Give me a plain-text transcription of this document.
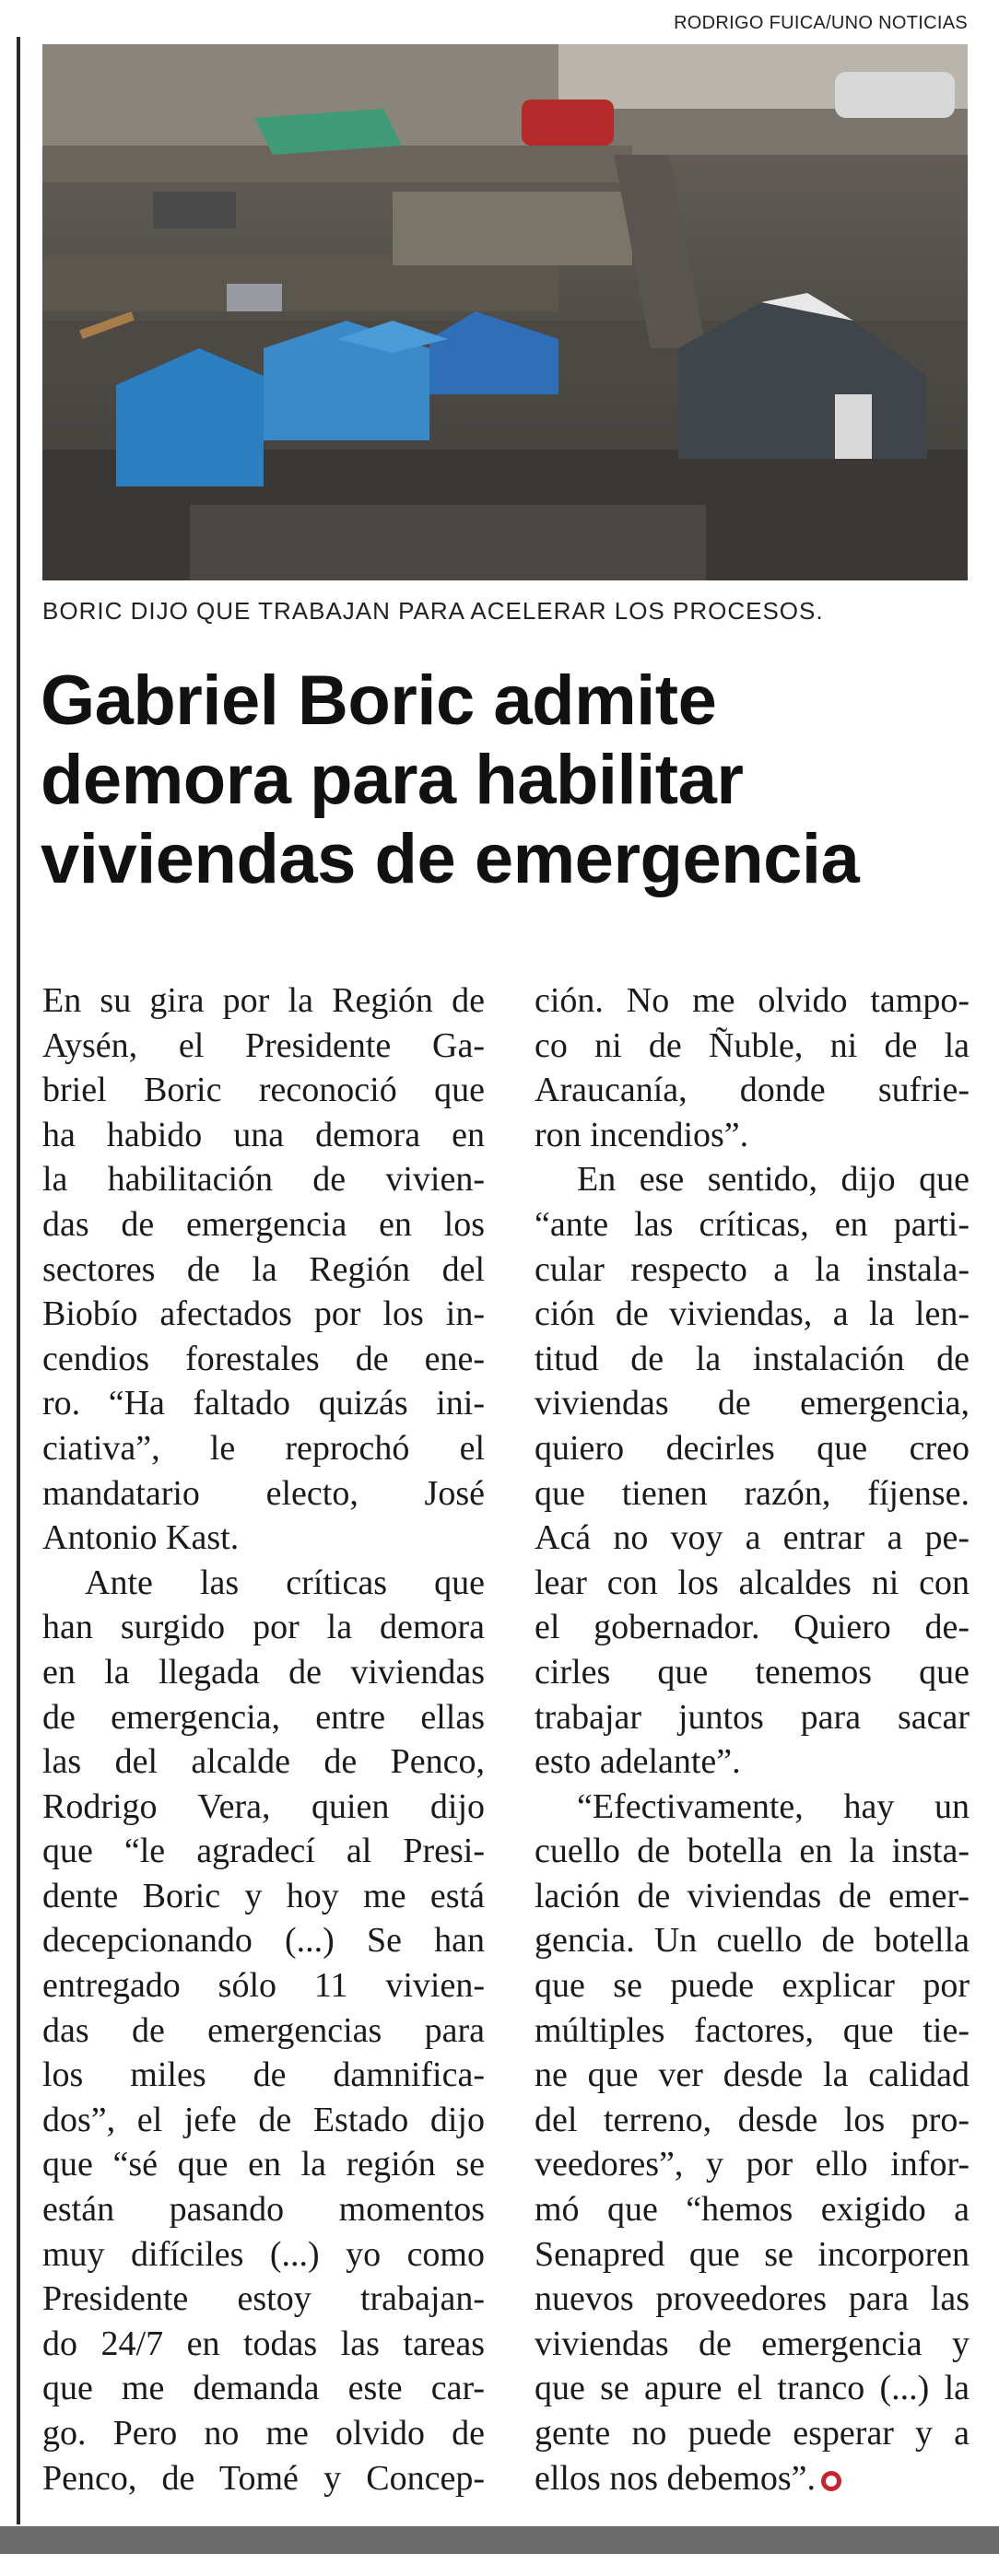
RODRIGO FUICA/UNO NOTICIAS
BORIC DIJO QUE TRABAJAN PARA ACELERAR LOS PROCESOS.
Gabriel Boric admite
demora para habilitar
viviendas de emergencia
En su gira por la Región de
Aysén, el Presidente Ga-
briel Boric reconoció que
ha habido una demora en
la habilitación de vivien-
das de emergencia en los
sectores de la Región del
Biobío afectados por los in-
cendios forestales de ene-
ro. “Ha faltado quizás ini-
ciativa”, le reprochó el
mandatario electo, José
Antonio Kast.
Ante las críticas que
han surgido por la demora
en la llegada de viviendas
de emergencia, entre ellas
las del alcalde de Penco,
Rodrigo Vera, quien dijo
que “le agradecí al Presi-
dente Boric y hoy me está
decepcionando (...) Se han
entregado sólo 11 vivien-
das de emergencias para
los miles de damnifica-
dos”, el jefe de Estado dijo
que “sé que en la región se
están pasando momentos
muy difíciles (...) yo como
Presidente estoy trabajan-
do 24/7 en todas las tareas
que me demanda este car-
go. Pero no me olvido de
Penco, de Tomé y Concep-
ción. No me olvido tampo-
co ni de Ñuble, ni de la
Araucanía, donde sufrie-
ron incendios”.
En ese sentido, dijo que
“ante las críticas, en parti-
cular respecto a la instala-
ción de viviendas, a la len-
titud de la instalación de
viviendas de emergencia,
quiero decirles que creo
que tienen razón, fíjense.
Acá no voy a entrar a pe-
lear con los alcaldes ni con
el gobernador. Quiero de-
cirles que tenemos que
trabajar juntos para sacar
esto adelante”.
“Efectivamente, hay un
cuello de botella en la insta-
lación de viviendas de emer-
gencia. Un cuello de botella
que se puede explicar por
múltiples factores, que tie-
ne que ver desde la calidad
del terreno, desde los pro-
veedores”, y por ello infor-
mó que “hemos exigido a
Senapred que se incorporen
nuevos proveedores para las
viviendas de emergencia y
que se apure el tranco (...) la
gente no puede esperar y a
ellos nos debemos”.
